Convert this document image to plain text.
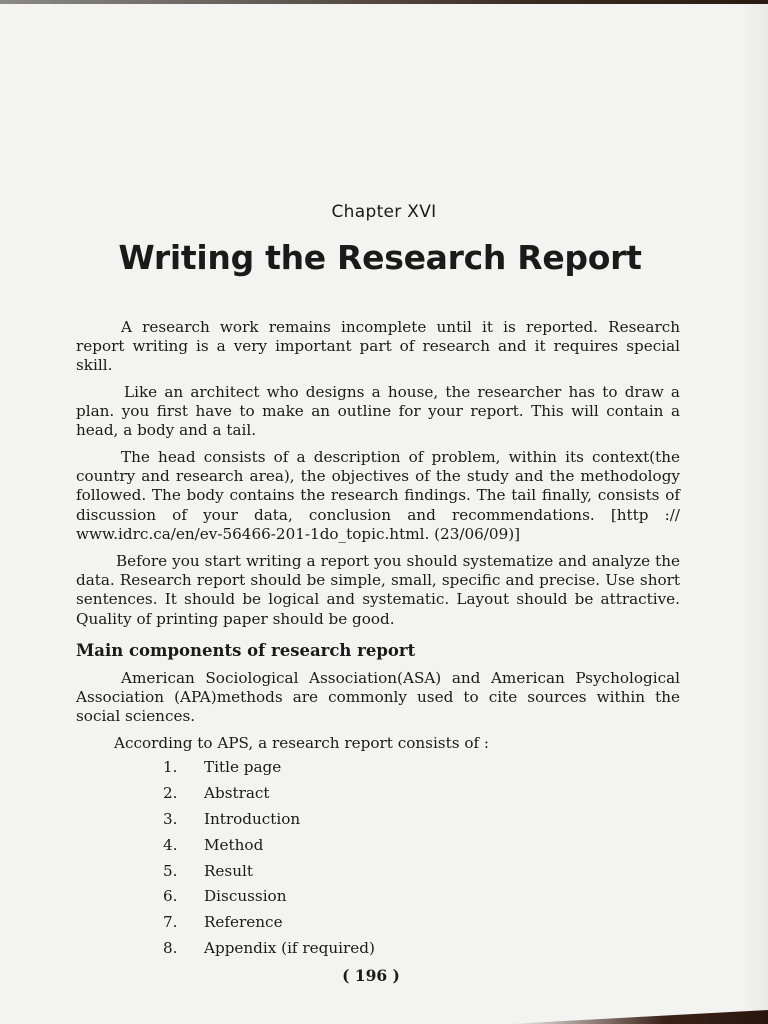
Chapter XVI
Writing the Research Report

A research work remains incomplete until it is reported. Research report writing is a very important part of research and it requires special skill.

Like an architect who designs a house, the researcher has to draw a plan. you first have to make an outline for your report. This will contain a head, a body and a tail.

The head consists of a description of problem, within its context(the country and research area), the objectives of the study and the methodology followed. The body contains the research findings. The tail finally, consists of discussion of your data, conclusion and recommendations. [http :// www.idrc.ca/en/ev-56466-201-1do_topic.html. (23/06/09)]

Before you start writing a report you should systematize and analyze the data. Research report should be simple, small, specific and precise. Use short sentences. It should be logical and systematic. Layout should be attractive. Quality of printing paper should be good.

Main components of research report

American Sociological Association(ASA) and American Psychological Association (APA)methods are commonly used to cite sources within the social sciences.

According to APS, a research report consists of :

1.	Title page
2.	Abstract
3.	Introduction
4.	Method
5.	Result
6.	Discussion
7.	Reference
8.	Appendix (if required)
( 196 )
